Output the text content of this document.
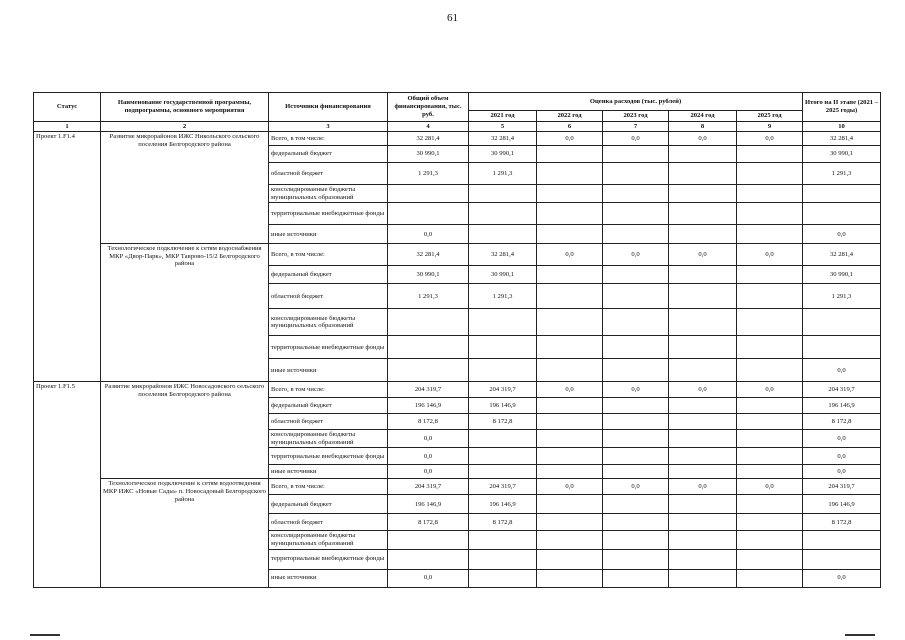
61
Статус	Наименование государственной программы, подпрограммы, основного мероприятия	Источники финансирования	Общий объем финансирования, тыс. руб.	Оценка расходов (тыс. рублей)					Итого на II этапе (2021 – 2025 годы)
				2021 год	2022 год	2023 год	2024 год	2025 год	
1	2	3	4	5	6	7	8	9	10
Проект 1.F1.4	Развитие микрорайонов ИЖС Никольского сельского поселения Белгородского района	Всего, в том числе:	32 281,4	32 281,4	0,0	0,0	0,0	0,0	32 281,4
		федеральный бюджет	30 990,1	30 990,1					30 990,1
		областной бюджет	1 291,3	1 291,3					1 291,3
		консолидированные бюджеты муниципальных образований							
		территориальные внебюджетные фонды							
		иные источники	0,0						0,0
	Технологическое подключение к сетям водоснабжения МКР «Двор-Парк», МКР Таврово-15/2 Белгородского района	Всего, в том числе:	32 281,4	32 281,4	0,0	0,0	0,0	0,0	32 281,4
		федеральный бюджет	30 990,1	30 990,1					30 990,1
		областной бюджет	1 291,3	1 291,3					1 291,3
		консолидированные бюджеты муниципальных образований							
		территориальные внебюджетные фонды							
		иные источники							0,0
Проект 1.F1.5	Развитие микрорайонов ИЖС Новосадовского сельского поселения Белгородского района	Всего, в том числе:	204 319,7	204 319,7	0,0	0,0	0,0	0,0	204 319,7
		федеральный бюджет	196 146,9	196 146,9					196 146,9
		областной бюджет	8 172,8	8 172,8					8 172,8
		консолидированные бюджеты муниципальных образований	0,0						0,0
		территориальные внебюджетные фонды	0,0						0,0
		иные источники	0,0						0,0
	Технологическое подключение к сетям водоотведения МКР ИЖС «Новые Сады» п. Новосадовый Белгородского района	Всего, в том числе:	204 319,7	204 319,7	0,0	0,0	0,0	0,0	204 319,7
		федеральный бюджет	196 146,9	196 146,9					196 146,9
		областной бюджет	8 172,8	8 172,8					8 172,8
		консолидированные бюджеты муниципальных образований							
		территориальные внебюджетные фонды							
		иные источники	0,0						0,0
